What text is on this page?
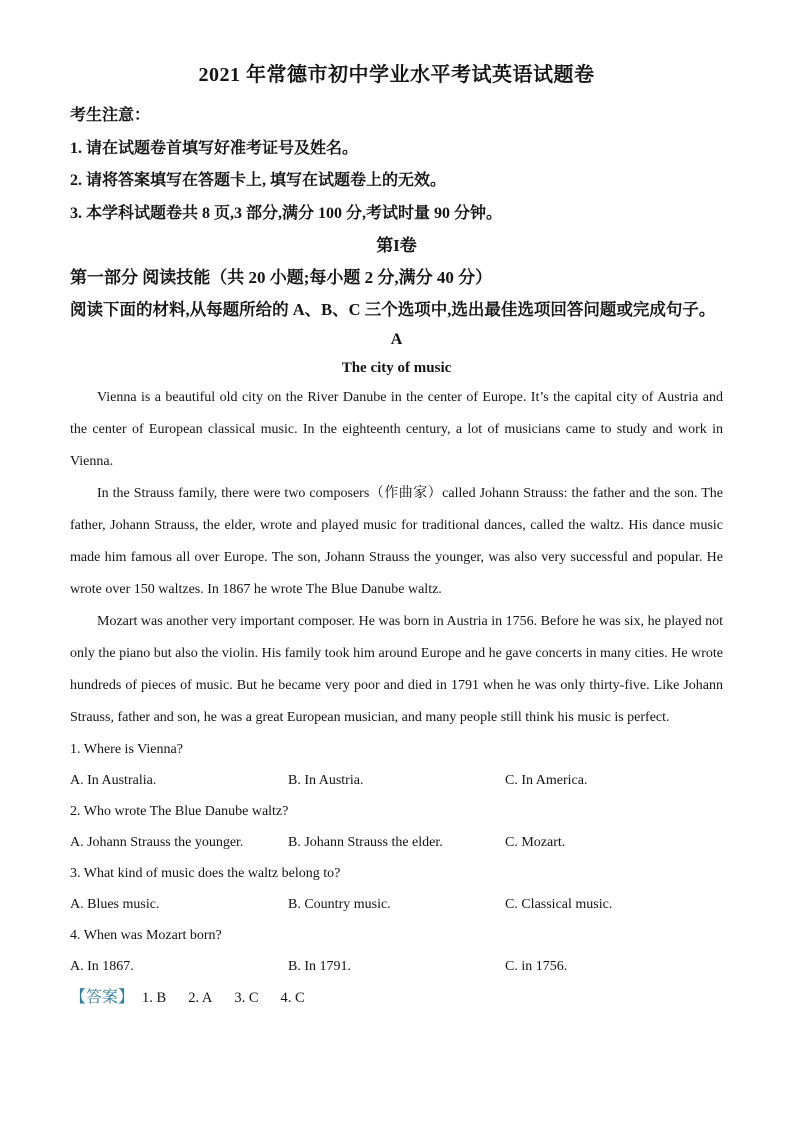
2021 年常德市初中学业水平考试英语试题卷
考生注意：
1. 请在试题卷首填写好准考证号及姓名。
2. 请将答案填写在答题卡上, 填写在试题卷上的无效。
3. 本学科试题卷共 8 页,3 部分,满分 100 分,考试时量 90 分钟。
第I卷
第一部分 阅读技能（共 20 小题;每小题 2 分,满分 40 分）
阅读下面的材料,从每题所给的 A、B、C 三个选项中,选出最佳选项回答问题或完成句子。
A
The city of music

Vienna is a beautiful old city on the River Danube in the center of Europe. It’s the capital city of Austria and the center of European classical music. In the eighteenth century, a lot of musicians came to study and work in Vienna.

In the Strauss family, there were two composers（作曲家）called Johann Strauss: the father and the son. The father, Johann Strauss, the elder, wrote and played music for traditional dances, called the waltz. His dance music made him famous all over Europe. The son, Johann Strauss the younger, was also very successful and popular. He wrote over 150 waltzes. In 1867 he wrote The Blue Danube waltz.

Mozart was another very important composer. He was born in Austria in 1756. Before he was six, he played not only the piano but also the violin. His family took him around Europe and he gave concerts in many cities. He wrote hundreds of pieces of music. But he became very poor and died in 1791 when he was only thirty-five. Like Johann Strauss, father and son, he was a great European musician, and many people still think his music is perfect.

1. Where is Vienna?
A. In Australia.	B. In Austria.	C. In America.
2. Who wrote The Blue Danube waltz?
A. Johann Strauss the younger.	B. Johann Strauss the elder.	C. Mozart.
3. What kind of music does the waltz belong to?
A. Blues music.	B. Country music.	C. Classical music.
4. When was Mozart born?
A. In 1867.	B. In 1791.	C. in 1756.
【答案】 1. B 2. A 3. C 4. C
